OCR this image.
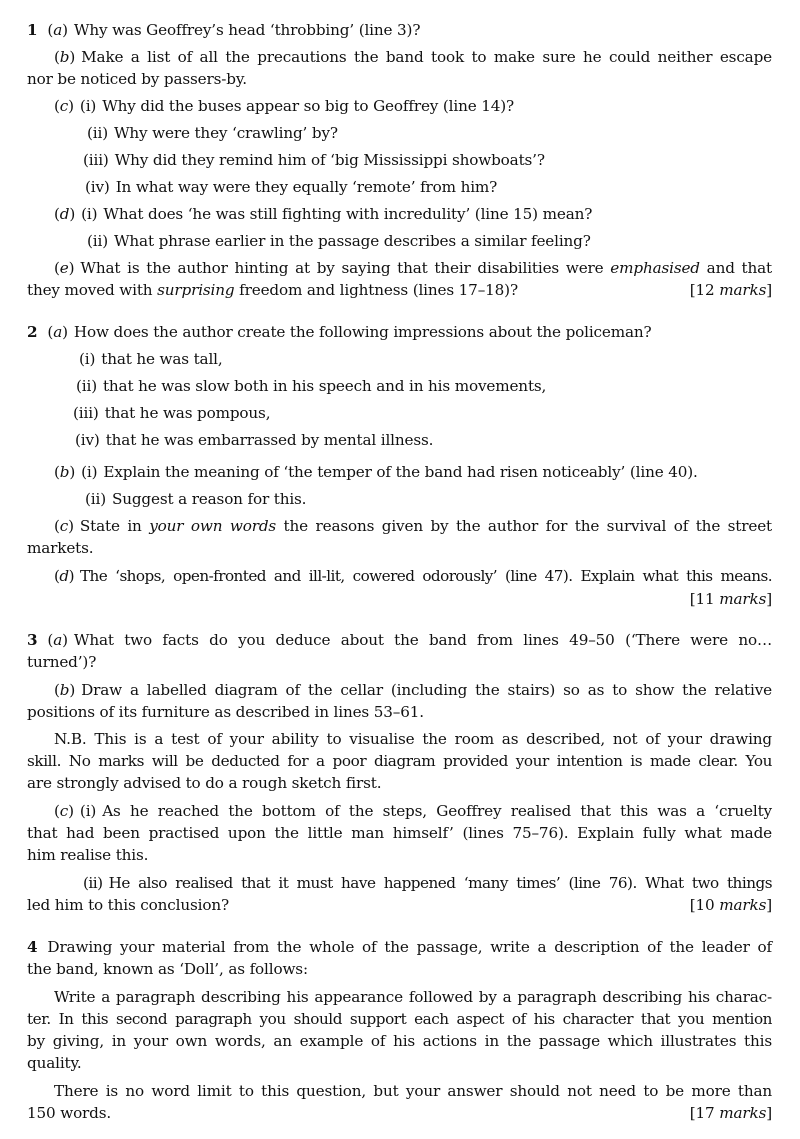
1 (a) Why was Geoffrey’s head ‘throbbing’ (line 3)?
(b) Make a list of all the precautions the band took to make sure he could neither escape
nor be noticed by passers-by.
(c) (i) Why did the buses appear so big to Geoffrey (line 14)?
(ii) Why were they ‘crawling’ by?
(iii) Why did they remind him of ‘big Mississippi showboats’?
(iv) In what way were they equally ‘remote’ from him?
(d) (i) What does ‘he was still fighting with incredulity’ (line 15) mean?
(ii) What phrase earlier in the passage describes a similar feeling?
(e) What is the author hinting at by saying that their disabilities were emphasised and that
they moved with surprising freedom and lightness (lines 17–18)?	[12 marks]
2 (a) How does the author create the following impressions about the policeman?
(i) that he was tall,
(ii) that he was slow both in his speech and in his movements,
(iii) that he was pompous,
(iv) that he was embarrassed by mental illness.
(b) (i) Explain the meaning of ‘the temper of the band had risen noticeably’ (line 40).
(ii) Suggest a reason for this.
(c) State in your own words the reasons given by the author for the survival of the street
markets.
(d) The ‘shops, open-fronted and ill-lit, cowered odorously’ (line 47). Explain what this means.
[11 marks]
3 (a) What two facts do you deduce about the band from lines 49–50 (‘There were no…
turned’)?
(b) Draw a labelled diagram of the cellar (including the stairs) so as to show the relative
positions of its furniture as described in lines 53–61.
N.B. This is a test of your ability to visualise the room as described, not of your drawing
skill. No marks will be deducted for a poor diagram provided your intention is made clear. You
are strongly advised to do a rough sketch first.
(c) (i) As he reached the bottom of the steps, Geoffrey realised that this was a ‘cruelty
that had been practised upon the little man himself’ (lines 75–76). Explain fully what made
him realise this.
(ii) He also realised that it must have happened ‘many times’ (line 76). What two things
led him to this conclusion?	[10 marks]
4 Drawing your material from the whole of the passage, write a description of the leader of
the band, known as ‘Doll’, as follows:
Write a paragraph describing his appearance followed by a paragraph describing his charac-
ter. In this second paragraph you should support each aspect of his character that you mention
by giving, in your own words, an example of his actions in the passage which illustrates this
quality.
There is no word limit to this question, but your answer should not need to be more than
150 words.	[17 marks]
